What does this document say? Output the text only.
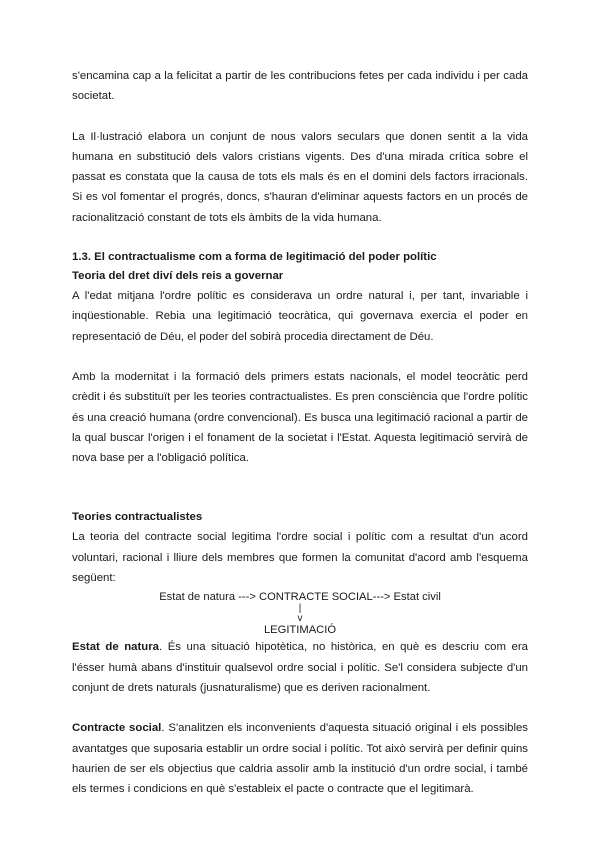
s'encamina cap a la felicitat a partir de les contribucions fetes per cada individu i per cada societat.

La Il·lustració elabora un conjunt de nous valors seculars que donen sentit a la vida humana en substitució dels valors cristians vigents. Des d'una mirada crítica sobre el passat es constata que la causa de tots els mals és en el domini dels factors irracionals. Si es vol fomentar el progrés, doncs, s'hauran d'eliminar aquests factors en un procés de racionalització constant de tots els àmbits de la vida humana.

1.3. El contractualisme com a forma de legitimació del poder polític
Teoria del dret diví dels reis a governar

A l'edat mitjana l'ordre polític es considerava un ordre natural i, per tant, invariable i inqüestionable. Rebia una legitimació teocràtica, qui governava exercia el poder en representació de Déu, el poder del sobirà procedia directament de Déu.

Amb la modernitat i la formació dels primers estats nacionals, el model teocràtic perd crèdit i és substituït per les teories contractualistes. Es pren consciència que l'ordre polític és una creació humana (ordre convencional). Es busca una legitimació racional a partir de la qual buscar l'origen i el fonament de la societat i l'Estat. Aquesta legitimació servirà de nova base per a l'obligació política.

Teories contractualistes

La teoria del contracte social legitima l'ordre social i polític com a resultat d'un acord voluntari, racional i lliure dels membres que formen la comunitat d'acord amb l'esquema següent:

Estat de natura ---> CONTRACTE SOCIAL---> Estat civil
|
v
LEGITIMACIÓ

Estat de natura. És una situació hipotètica, no històrica, en què es descriu com era l'ésser humà abans d'instituir qualsevol ordre social i polític. Se'l considera subjecte d'un conjunt de drets naturals (jusnaturalisme) que es deriven racionalment.

Contracte social. S'analitzen els inconvenients d'aquesta situació original i els possibles avantatges que suposaria establir un ordre social i polític. Tot això servirà per definir quins haurien de ser els objectius que caldria assolir amb la institució d'un ordre social, i també els termes i condicions en què s'estableix el pacte o contracte que el legitimarà.
